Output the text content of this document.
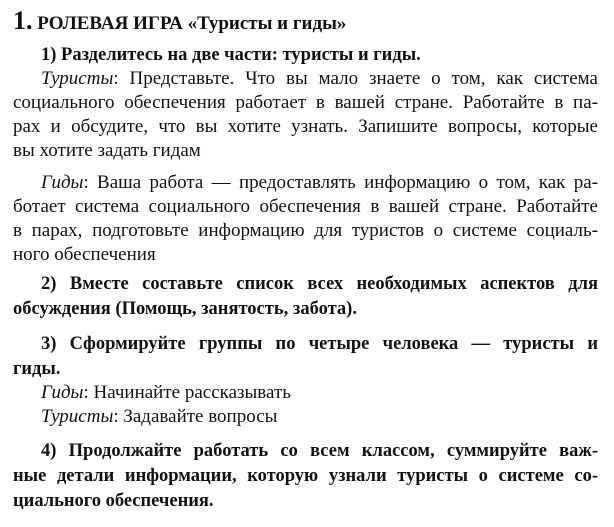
1. РОЛЕВАЯ ИГРА «Туристы и гиды»
1) Разделитесь на две части: туристы и гиды.
Туристы: Представьте. Что вы мало знаете о том, как система
социального обеспечения работает в вашей стране. Работайте в па-
рах и обсудите, что вы хотите узнать. Запишите вопросы, которые
вы хотите задать гидам
Гиды: Ваша работа — предоставлять информацию о том, как ра-
ботает система социального обеспечения в вашей стране. Работайте
в парах, подготовьте информацию для туристов о системе социаль-
ного обеспечения
2) Вместе составьте список всех необходимых аспектов для
обсуждения (Помощь, занятость, забота).
3) Сформируйте группы по четыре человека — туристы и
гиды.
Гиды: Начинайте рассказывать
Туристы: Задавайте вопросы
4) Продолжайте работать со всем классом, суммируйте важ-
ные детали информации, которую узнали туристы о системе со-
циального обеспечения.
